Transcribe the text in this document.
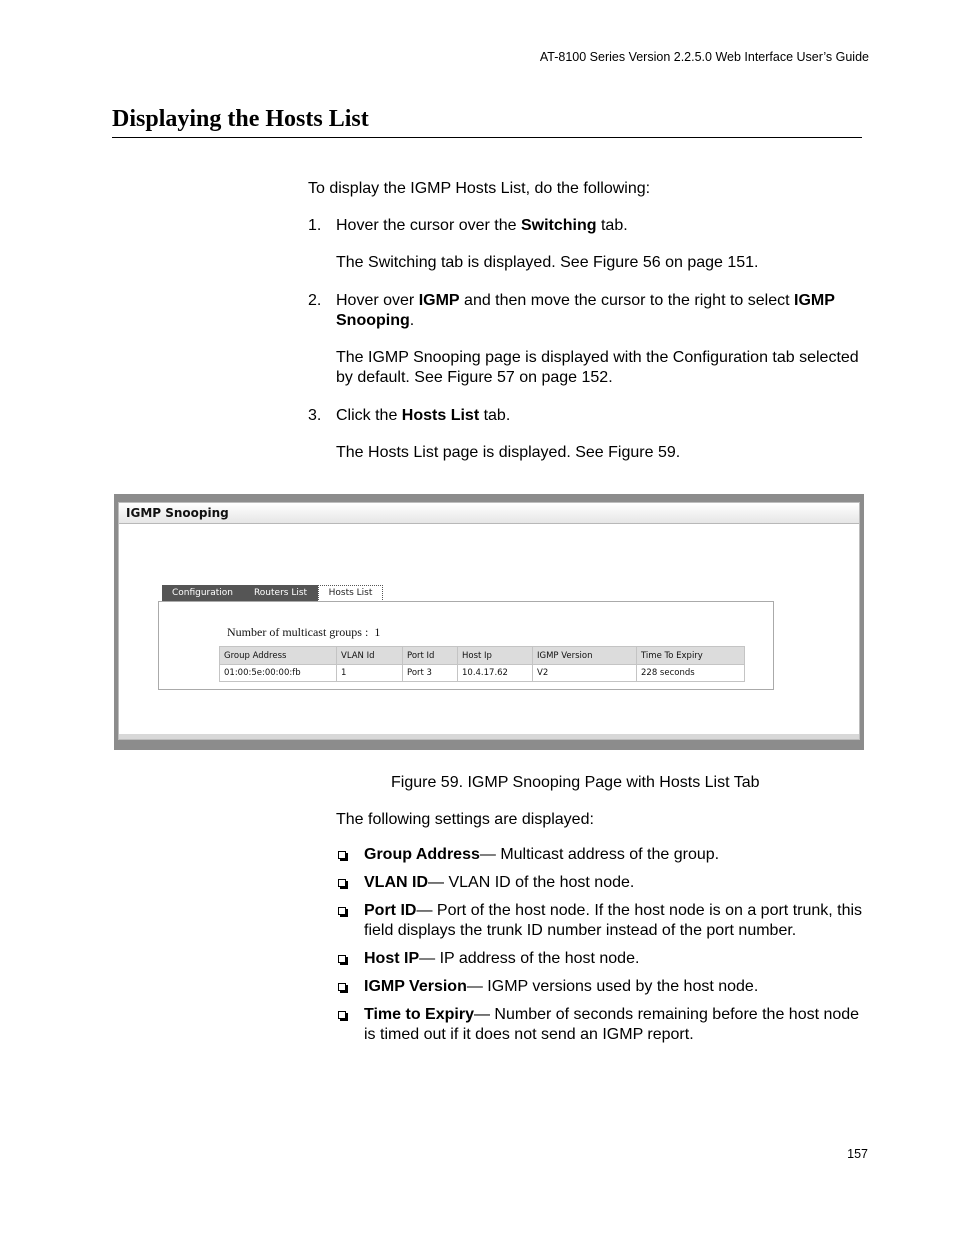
AT-8100 Series Version 2.2.5.0 Web Interface User’s Guide
Displaying the Hosts List

To display the IGMP Hosts List, do the following:

1. Hover the cursor over the Switching tab.

The Switching tab is displayed. See Figure 56 on page 151.

2. Hover over IGMP and then move the cursor to the right to select IGMP Snooping.

The IGMP Snooping page is displayed with the Configuration tab selected by default. See Figure 57 on page 152.

3. Click the Hosts List tab.

The Hosts List page is displayed. See Figure 59.

IGMP Snooping
Configuration	Routers List	Hosts List
Number of multicast groups : 1
Group Address	VLAN Id	Port Id	Host Ip	IGMP Version	Time To Expiry
01:00:5e:00:00:fb	1	Port 3	10.4.17.62	V2	228 seconds
Figure 59. IGMP Snooping Page with Hosts List Tab

The following settings are displayed:

Group Address— Multicast address of the group.
VLAN ID— VLAN ID of the host node.
Port ID— Port of the host node. If the host node is on a port trunk, this field displays the trunk ID number instead of the port number.
Host IP— IP address of the host node.
IGMP Version— IGMP versions used by the host node.
Time to Expiry— Number of seconds remaining before the host node is timed out if it does not send an IGMP report.
157
